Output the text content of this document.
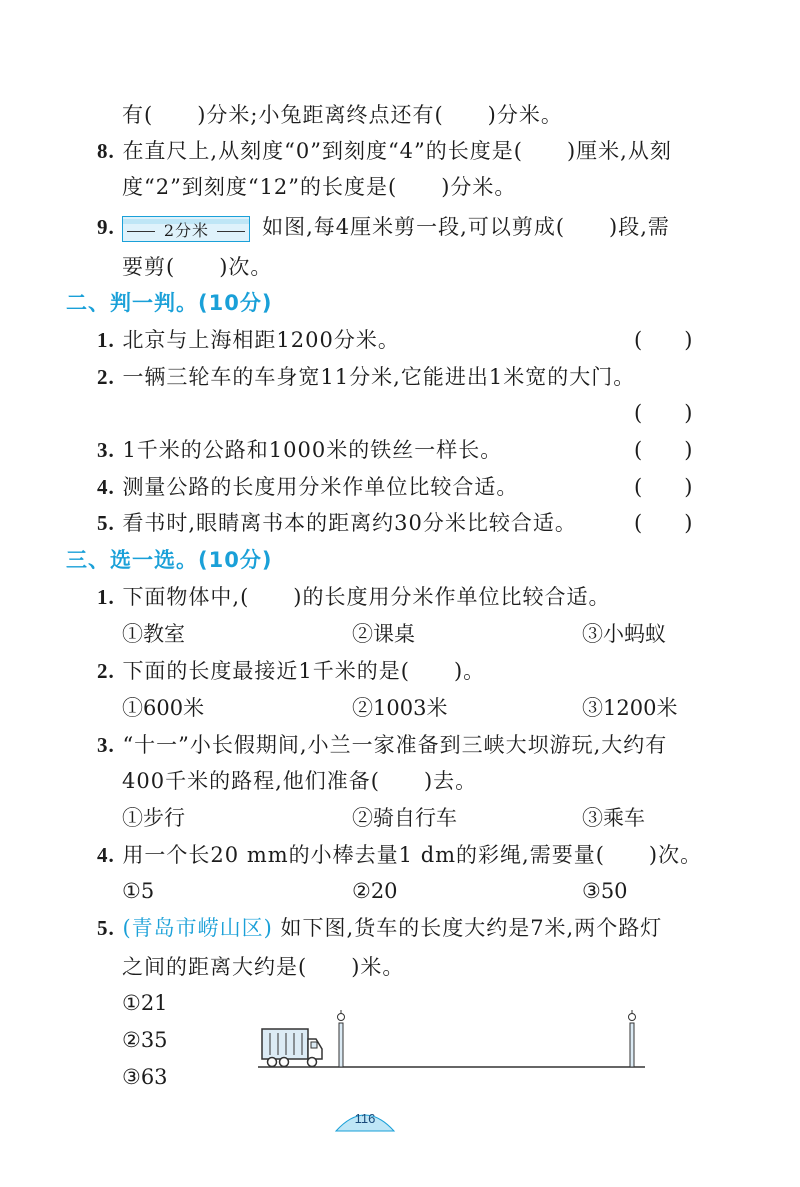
有(　　)分米;小兔距离终点还有(　　)分米。
8. 在直尺上,从刻度“0”到刻度“4”的长度是(　　)厘米,从刻
度“2”到刻度“12”的长度是(　　)分米。
9.	2分米	如图,每4厘米剪一段,可以剪成(　　)段,需
要剪(　　)次。
二、判一判。(10分)
1. 北京与上海相距1200分米。	(　　)
2. 一辆三轮车的车身宽11分米,它能进出1米宽的大门。
(　　)
3. 1千米的公路和1000米的铁丝一样长。	(　　)
4. 测量公路的长度用分米作单位比较合适。	(　　)
5. 看书时,眼睛离书本的距离约30分米比较合适。	(　　)
三、选一选。(10分)
1. 下面物体中,(　　)的长度用分米作单位比较合适。
①教室	②课桌	③小蚂蚁
2. 下面的长度最接近1千米的是(　　)。
①600米	②1003米	③1200米
3. “十一”小长假期间,小兰一家准备到三峡大坝游玩,大约有
400千米的路程,他们准备(　　)去。
①步行	②骑自行车	③乘车
4. 用一个长20 mm的小棒去量1 dm的彩绳,需要量(　　)次。
①5	②20	③50
5. (青岛市崂山区) 如下图,货车的长度大约是7米,两个路灯
之间的距离大约是(　　)米。
①21
②35
③63
116
